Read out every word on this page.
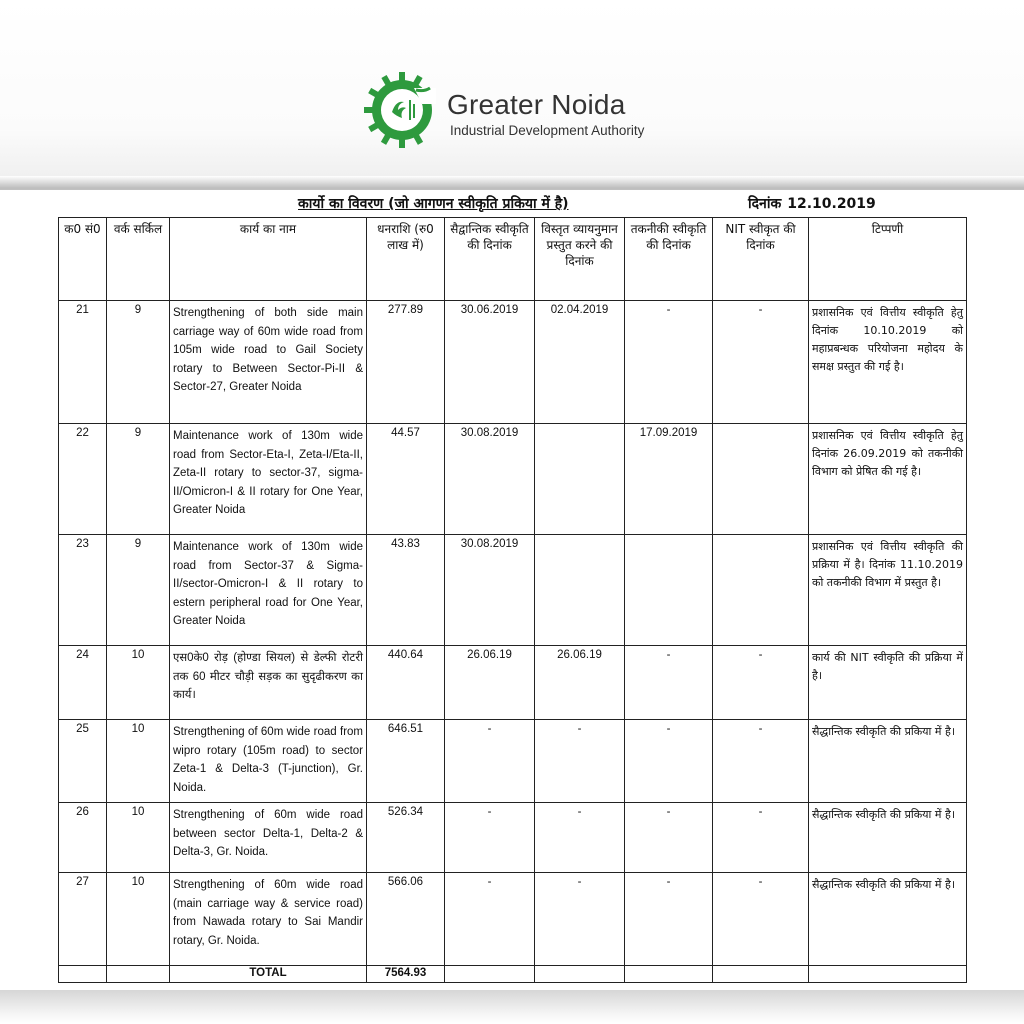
Greater Noida
Industrial Development Authority
कार्यो का विवरण (जो आगणन स्वीकृति प्रकिया में है)	दिनांक 12.10.2019
क0 सं0	वर्क सर्किल	कार्य का नाम	धनराशि (रु0 लाख में)	सैद्वान्तिक स्वीकृति की दिनांक	विस्तृत व्यायनुमान प्रस्तुत करने की दिनांक	तकनीकी स्वीकृति की दिनांक	NIT स्वीकृत की दिनांक	टिप्पणी
21	9	Strengthening of both side main carriage way of 60m wide road from 105m wide road to Gail Society rotary to Between Sector-Pi-II & Sector-27, Greater Noida	277.89	30.06.2019	02.04.2019	-	-	प्रशासनिक एवं वित्तीय स्वीकृति हेतु दिनांक 10.10.2019 को महाप्रबन्धक परियोजना महोदय के समक्ष प्रस्तुत की गई है।
22	9	Maintenance work of 130m wide road from Sector-Eta-I, Zeta-I/Eta-II, Zeta-II rotary to sector-37, sigma-II/Omicron-I & II rotary for One Year, Greater Noida	44.57	30.08.2019		17.09.2019		प्रशासनिक एवं वित्तीय स्वीकृति हेतु दिनांक 26.09.2019 को तकनीकी विभाग को प्रेषित की गई है।
23	9	Maintenance work of 130m wide road from Sector-37 & Sigma-II/sector-Omicron-I & II rotary to estern peripheral road for One Year, Greater Noida	43.83	30.08.2019				प्रशासनिक एवं वित्तीय स्वीकृति की प्रक्रिया में है। दिनांक 11.10.2019 को तकनीकी विभाग में प्रस्तुत है।
24	10	एस0के0 रोड़ (होण्डा सियल) से डेल्फी रोटरी तक 60 मीटर चौड़ी सड़क का सुदृढीकरण का कार्य।	440.64	26.06.19	26.06.19	-	-	कार्य की NIT स्वीकृति की प्रक्रिया में है।
25	10	Strengthening of 60m wide road from wipro rotary (105m road) to sector Zeta-1 & Delta-3 (T-junction), Gr. Noida.	646.51	-	-	-	-	सैद्धान्तिक स्वीकृति की प्रकिया में है।
26	10	Strengthening of 60m wide road between sector Delta-1, Delta-2 & Delta-3, Gr. Noida.	526.34	-	-	-	-	सैद्धान्तिक स्वीकृति की प्रकिया में है।
27	10	Strengthening of 60m wide road (main carriage way & service road) from Nawada rotary to Sai Mandir rotary, Gr. Noida.	566.06	-	-	-	-	सैद्धान्तिक स्वीकृति की प्रकिया में है।
		TOTAL	7564.93					
